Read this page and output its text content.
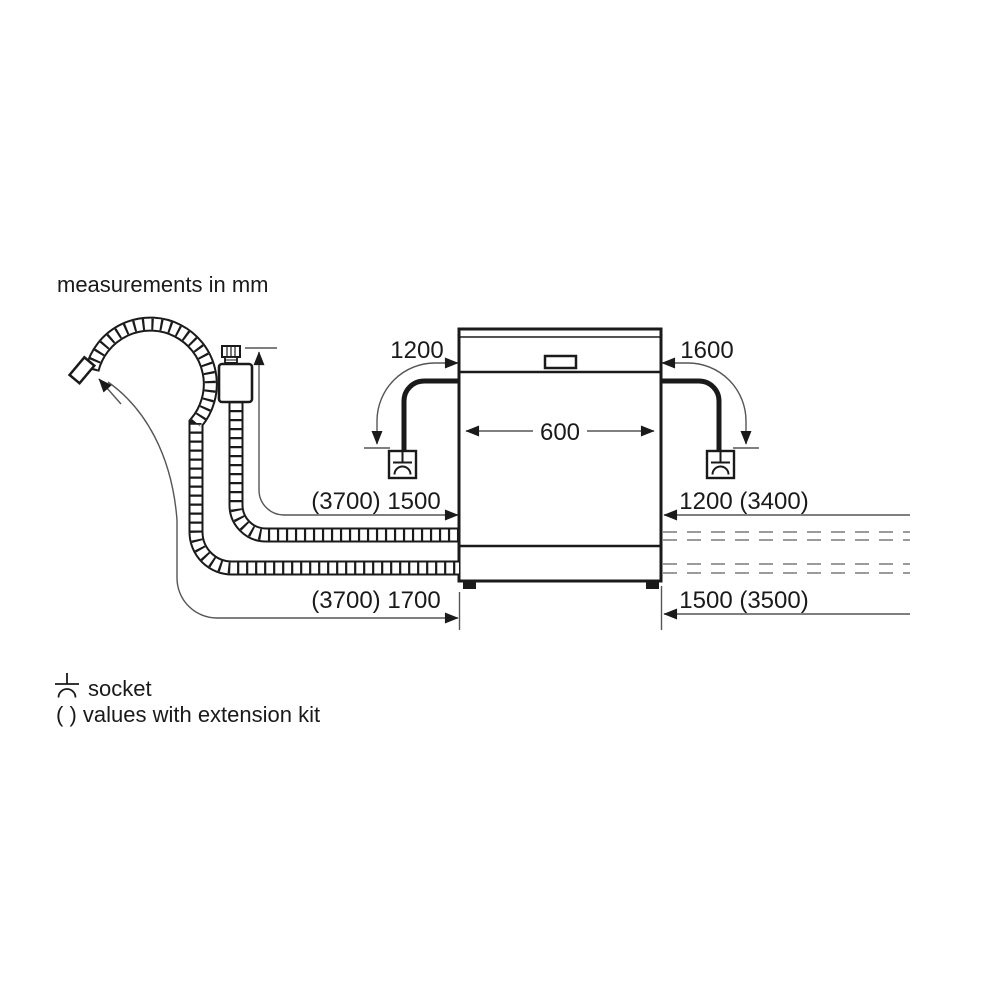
measurements in mm
1200	1600
600
(3700) 1500	1200 (3400)
(3700) 1700	1500 (3500)
socket
( ) values with extension kit
